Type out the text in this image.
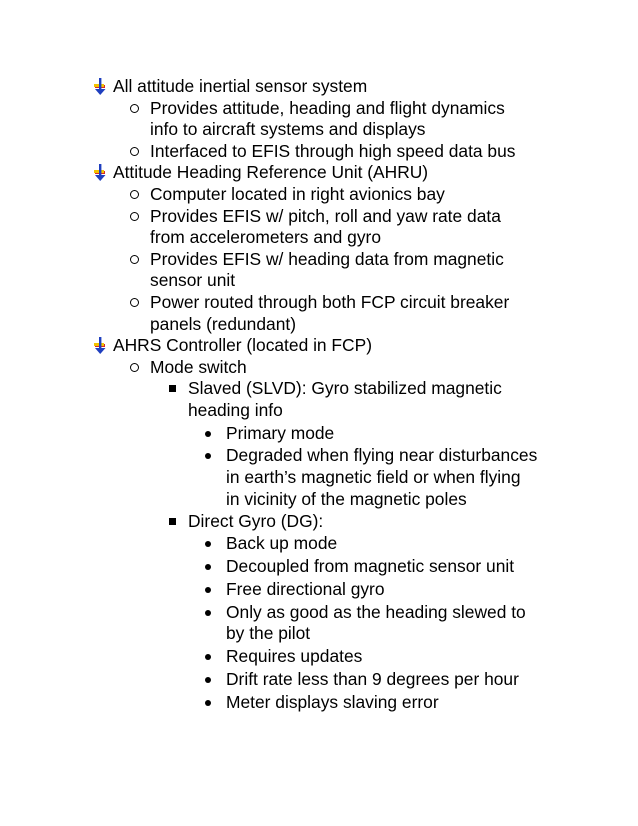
All attitude inertial sensor system
Provides attitude, heading and flight dynamics
info to aircraft systems and displays
Interfaced to EFIS through high speed data bus
Attitude Heading Reference Unit (AHRU)
Computer located in right avionics bay
Provides EFIS w/ pitch, roll and yaw rate data
from accelerometers and gyro
Provides EFIS w/ heading data from magnetic
sensor unit
Power routed through both FCP circuit breaker
panels (redundant)
AHRS Controller (located in FCP)
Mode switch
Slaved (SLVD): Gyro stabilized magnetic
heading info
Primary mode
Degraded when flying near disturbances
in earth’s magnetic field or when flying
in vicinity of the magnetic poles
Direct Gyro (DG):
Back up mode
Decoupled from magnetic sensor unit
Free directional gyro
Only as good as the heading slewed to
by the pilot
Requires updates
Drift rate less than 9 degrees per hour
Meter displays slaving error
